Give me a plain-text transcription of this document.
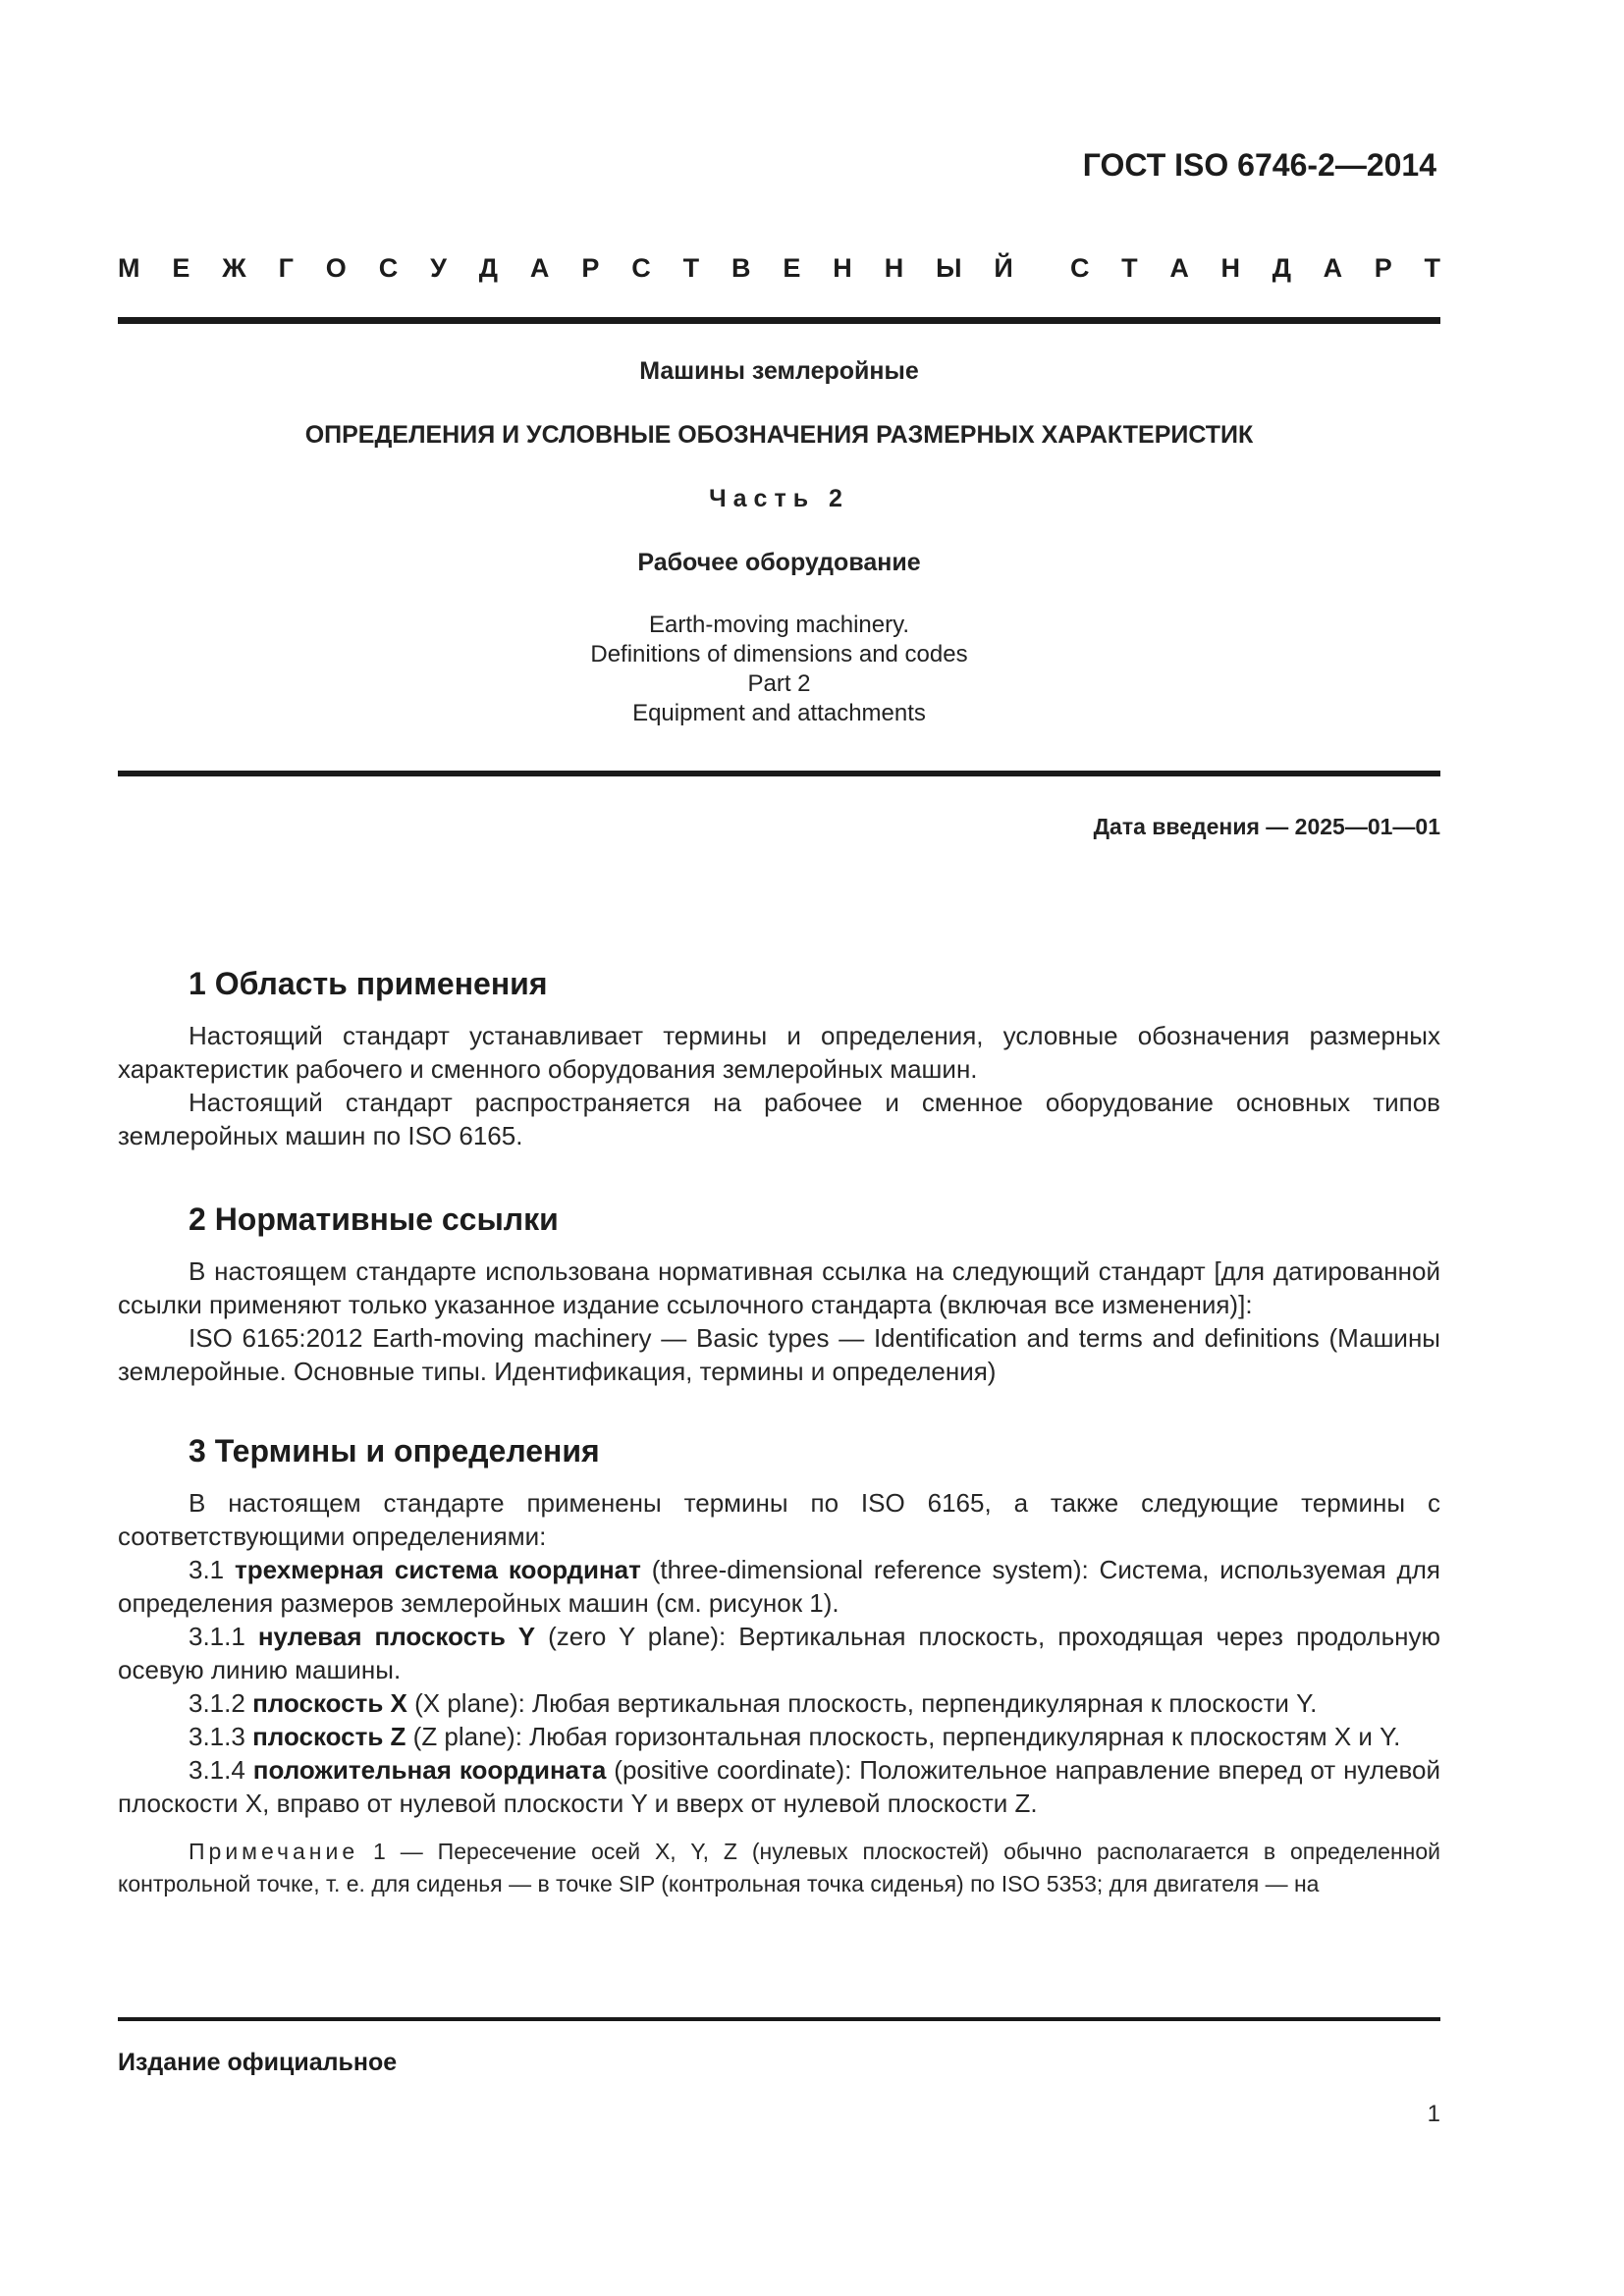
ГОСТ ISO 6746-2—2014
М Е Ж Г О С У Д А Р С Т В Е Н Н Ы Й С Т А Н Д А Р Т
Машины землеройные
ОПРЕДЕЛЕНИЯ И УСЛОВНЫЕ ОБОЗНАЧЕНИЯ РАЗМЕРНЫХ ХАРАКТЕРИСТИК
Часть 2
Рабочее оборудование
Earth-moving machinery.
Definitions of dimensions and codes
Part 2
Equipment and attachments
Дата введения — 2025—01—01
1 Область применения

Настоящий стандарт устанавливает термины и определения, условные обозначения размерных характеристик рабочего и сменного оборудования землеройных машин.

Настоящий стандарт распространяется на рабочее и сменное оборудование основных типов землеройных машин по ISO 6165.

2 Нормативные ссылки

В настоящем стандарте использована нормативная ссылка на следующий стандарт [для датированной ссылки применяют только указанное издание ссылочного стандарта (включая все изменения)]:

ISO 6165:2012 Earth-moving machinery — Basic types — Identification and terms and definitions (Машины землеройные. Основные типы. Идентификация, термины и определения)

3 Термины и определения

В настоящем стандарте применены термины по ISO 6165, а также следующие термины с соответствующими определениями:

3.1 трехмерная система координат (three-dimensional reference system): Система, используемая для определения размеров землеройных машин (см. рисунок 1).

3.1.1 нулевая плоскость Y (zero Y plane): Вертикальная плоскость, проходящая через продольную осевую линию машины.

3.1.2 плоскость X (X plane): Любая вертикальная плоскость, перпендикулярная к плоскости Y.

3.1.3 плоскость Z (Z plane): Любая горизонтальная плоскость, перпендикулярная к плоскостям X и Y.

3.1.4 положительная координата (positive coordinate): Положительное направление вперед от нулевой плоскости X, вправо от нулевой плоскости Y и вверх от нулевой плоскости Z.

Примечание 1 — Пересечение осей X, Y, Z (нулевых плоскостей) обычно располагается в определенной контрольной точке, т. е. для сиденья — в точке SIP (контрольная точка сиденья) по ISO 5353; для двигателя — на
Издание официальное
1
